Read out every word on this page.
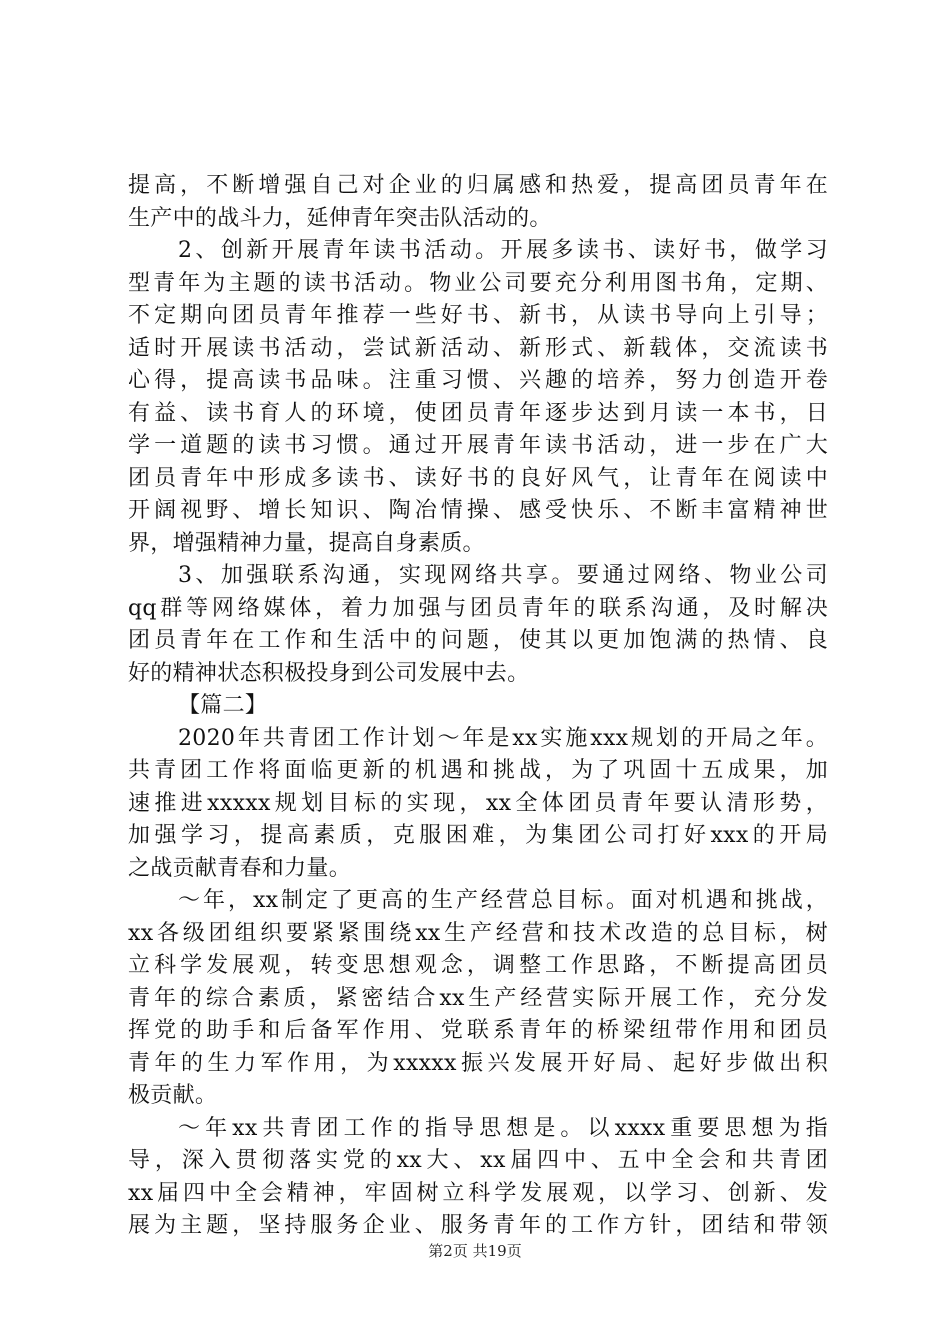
提高，不断增强自己对企业的归属感和热爱，提高团员青年在
生产中的战斗力，延伸青年突击队活动的。
2、创新开展青年读书活动。开展多读书、读好书，做学习
型青年为主题的读书活动。物业公司要充分利用图书角，定期、
不定期向团员青年推荐一些好书、新书，从读书导向上引导；
适时开展读书活动，尝试新活动、新形式、新载体，交流读书
心得，提高读书品味。注重习惯、兴趣的培养，努力创造开卷
有益、读书育人的环境，使团员青年逐步达到月读一本书，日
学一道题的读书习惯。通过开展青年读书活动，进一步在广大
团员青年中形成多读书、读好书的良好风气，让青年在阅读中
开阔视野、增长知识、陶冶情操、感受快乐、不断丰富精神世
界，增强精神力量，提高自身素质。
3、加强联系沟通，实现网络共享。要通过网络、物业公司
qq群等网络媒体，着力加强与团员青年的联系沟通，及时解决
团员青年在工作和生活中的问题，使其以更加饱满的热情、良
好的精神状态积极投身到公司发展中去。
【篇二】
2020年共青团工作计划～年是xx实施xxx规划的开局之年。
共青团工作将面临更新的机遇和挑战，为了巩固十五成果，加
速推进xxxxx规划目标的实现，xx全体团员青年要认清形势，
加强学习，提高素质，克服困难，为集团公司打好xxx的开局
之战贡献青春和力量。
～年，xx制定了更高的生产经营总目标。面对机遇和挑战，
xx各级团组织要紧紧围绕xx生产经营和技术改造的总目标，树
立科学发展观，转变思想观念，调整工作思路，不断提高团员
青年的综合素质，紧密结合xx生产经营实际开展工作，充分发
挥党的助手和后备军作用、党联系青年的桥梁纽带作用和团员
青年的生力军作用，为xxxxx振兴发展开好局、起好步做出积
极贡献。
～年xx共青团工作的指导思想是。以xxxx重要思想为指
导，深入贯彻落实党的xx大、xx届四中、五中全会和共青团
xx届四中全会精神，牢固树立科学发展观，以学习、创新、发
展为主题，坚持服务企业、服务青年的工作方针，团结和带领
第2页 共19页
